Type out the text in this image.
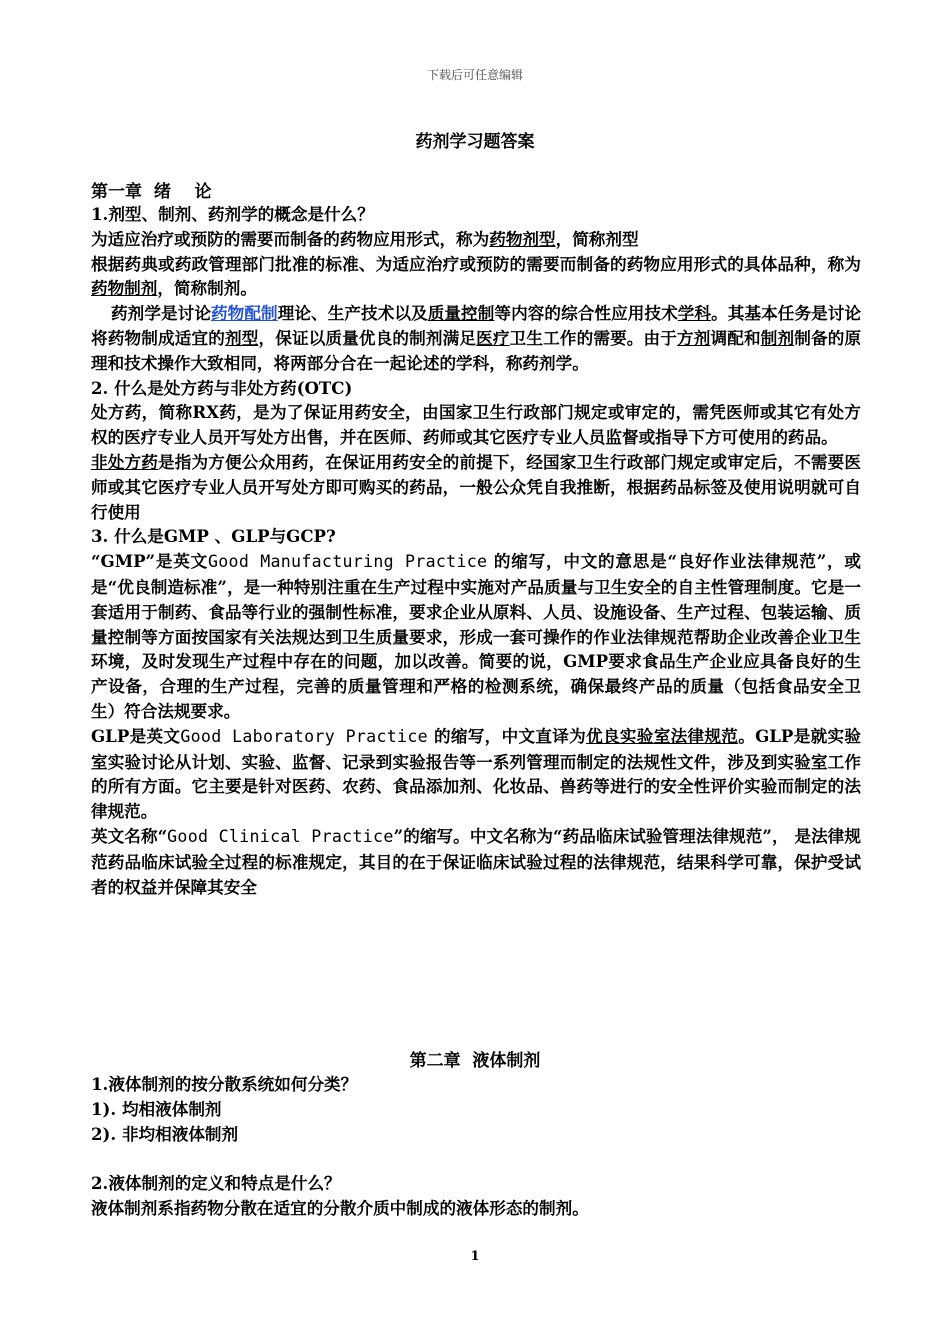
下载后可任意编辑
药剂学习题答案
第一章  绪    论

1.剂型、制剂、药剂学的概念是什么？

为适应治疗或预防的需要而制备的药物应用形式，称为药物剂型，简称剂型

根据药典或药政管理部门批准的标准、为适应治疗或预防的需要而制备的药物应用形式的具体品种，称为药物制剂，简称制剂。

药剂学是讨论药物配制理论、生产技术以及质量控制等内容的综合性应用技术学科。其基本任务是讨论将药物制成适宜的剂型，保证以质量优良的制剂满足医疗卫生工作的需要。由于方剂调配和制剂制备的原理和技术操作大致相同，将两部分合在一起论述的学科，称药剂学。

2. 什么是处方药与非处方药(OTC)

处方药，简称RX药，是为了保证用药安全，由国家卫生行政部门规定或审定的，需凭医师或其它有处方权的医疗专业人员开写处方出售，并在医师、药师或其它医疗专业人员监督或指导下方可使用的药品。

非处方药是指为方便公众用药，在保证用药安全的前提下，经国家卫生行政部门规定或审定后，不需要医师或其它医疗专业人员开写处方即可购买的药品，一般公众凭自我推断，根据药品标签及使用说明就可自行使用

3. 什么是GMP 、GLP与GCP?

“GMP”是英文Good Manufacturing Practice 的缩写，中文的意思是“良好作业法律规范”，或是“优良制造标准”，是一种特别注重在生产过程中实施对产品质量与卫生安全的自主性管理制度。它是一套适用于制药、食品等行业的强制性标准，要求企业从原料、人员、设施设备、生产过程、包装运输、质量控制等方面按国家有关法规达到卫生质量要求，形成一套可操作的作业法律规范帮助企业改善企业卫生环境，及时发现生产过程中存在的问题，加以改善。简要的说，GMP要求食品生产企业应具备良好的生产设备，合理的生产过程，完善的质量管理和严格的检测系统，确保最终产品的质量（包括食品安全卫生）符合法规要求。

GLP是英文Good Laboratory Practice 的缩写，中文直译为优良实验室法律规范。GLP是就实验室实验讨论从计划、实验、监督、记录到实验报告等一系列管理而制定的法规性文件，涉及到实验室工作的所有方面。它主要是针对医药、农药、食品添加剂、化妆品、兽药等进行的安全性评价实验而制定的法律规范。

英文名称“Good Clinical Practice”的缩写。中文名称为“药品临床试验管理法律规范”， 是法律规范药品临床试验全过程的标准规定，其目的在于保证临床试验过程的法律规范，结果科学可靠，保护受试者的权益并保障其安全

第二章  液体制剂

1.液体制剂的按分散系统如何分类？

1). 均相液体制剂

2). 非均相液体制剂

2.液体制剂的定义和特点是什么？

液体制剂系指药物分散在适宜的分散介质中制成的液体形态的制剂。

1
